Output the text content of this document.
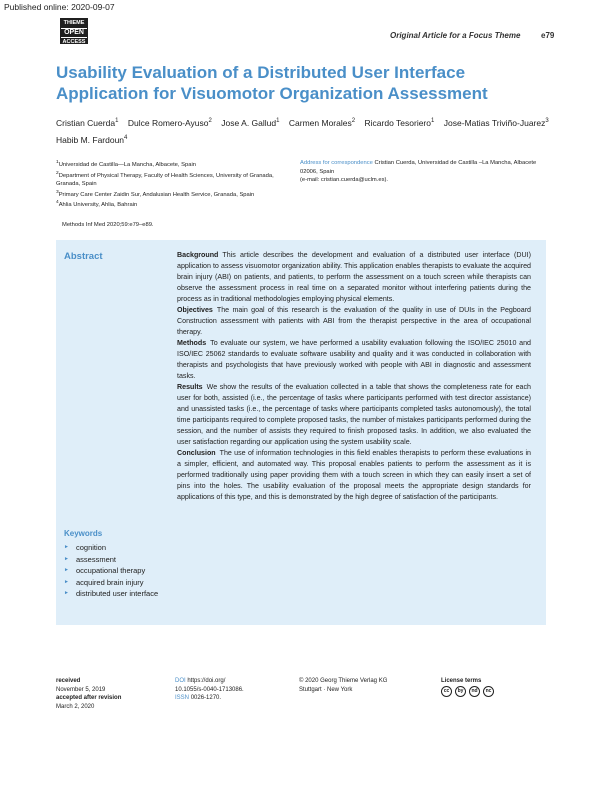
Published online: 2020-09-07
THIEME
OPEN
ACCESS
Original Article for a Focus Theme	e79
Usability Evaluation of a Distributed User Interface Application for Visuomotor Organization Assessment
Cristian Cuerda$^1$ Dulce Romero-Ayuso$^2$ Jose A. Gallud$^1$ Carmen Morales$^2$ Ricardo Tesoriero$^1$ Jose-Matias Triviño-Juarez$^3$    Habib M. Fardoun$^4$
$^1$Universidad de Castilla—La Mancha, Albacete, Spain
$^2$Department of Physical Therapy, Faculty of Health Sciences, University of Granada, Granada, Spain
$^3$Primary Care Center Zaidin Sur, Andalusian Health Service, Granada, Spain
$^4$Ahlia University, Ahlia, Bahrain
Address for correspondence Cristian Cuerda, Universidad de Castilla –La Mancha, Albacete 02006, Spain
(e-mail: cristian.cuerda@uclm.es).
Methods Inf Med 2020;59:e79–e89.
Abstract
Keywords
► cognition
► assessment
► occupational therapy
► acquired brain injury
► distributed user interface

Background This article describes the development and evaluation of a distributed user interface (DUI) application to assess visuomotor organization ability. This application enables therapists to evaluate the acquired brain injury (ABI) on patients, and patients, to perform the assessment on a touch screen while therapists can observe the assessment process in real time on a separated monitor without interfering patients during the process as in traditional methodologies employing physical elements.

Objectives The main goal of this research is the evaluation of the quality in use of DUIs in the Pegboard Construction assessment with patients with ABI from the therapist perspective in the area of occupational therapy.

Methods To evaluate our system, we have performed a usability evaluation following the ISO/IEC 25010 and ISO/IEC 25062 standards to evaluate software usability and quality and it was conducted in collaboration with therapists and psychologists that have previously worked with people with ABI in diagnostic and assessment tasks.

Results We show the results of the evaluation collected in a table that shows the completeness rate for each user for both, assisted (i.e., the percentage of tasks where participants performed with test director assistance) and unassisted tasks (i.e., the percentage of tasks where participants completed tasks autonomously), the total time participants required to complete proposed tasks, the number of mistakes participants performed during the session, and the number of assists they required to finish proposed tasks. In addition, we also evaluated the user satisfaction regarding our application using the system usability scale.

Conclusion The use of information technologies in this field enables therapists to perform these evaluations in a simpler, efficient, and automated way. This proposal enables patients to perform the assessment as it is performed traditionally using paper providing them with a touch screen in which they can easily insert a set of pins into the holes. The usability evaluation of the proposal meets the appropriate design standards for applications of this type, and this is demonstrated by the high degree of satisfaction of the participants.

received
November 5, 2019
accepted after revision
March 2, 2020
DOI https://doi.org/
10.1055/s-0040-1713086.
ISSN 0026-1270.
© 2020 Georg Thieme Verlag KG
Stuttgart · New York
License terms
cc	by	nd	nc
